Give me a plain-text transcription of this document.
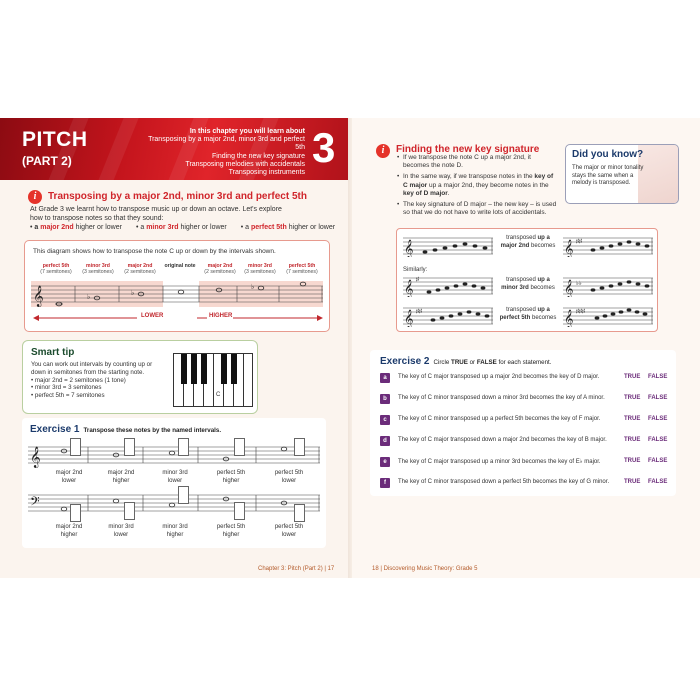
PITCH
(PART 2)
In this chapter you will learn about
Transposing by a major 2nd, minor 3rd and perfect 5th
Finding the new key signature
Transposing melodies with accidentals
Transposing instruments
3
i	Transposing by a major 2nd, minor 3rd and perfect 5th
At Grade 3 we learnt how to transpose music up or down an octave. Let's explore
how to transpose notes so that they sound:
• a major 2nd higher or lower	• a minor 3rd higher or lower	• a perfect 5th higher or lower
This diagram shows how to transpose the note C up or down by the intervals shown.
perfect 5th
(7 semitones)
minor 3rd
(3 semitones)
major 2nd
(2 semitones)
original note	major 2nd
(2 semitones)
minor 3rd
(3 semitones)
perfect 5th
(7 semitones)
𝄞	♭
♭
♭
LOWER	HIGHER
Smart tip
You can work out intervals by counting up or
down in semitones from the starting note.
• major 2nd = 2 semitones (1 tone)
• minor 3rd = 3 semitones
• perfect 5th = 7 semitones	C
Exercise 1 Transpose these notes by the named intervals.
𝄞
major 2nd
lower
major 2nd
higher
minor 3rd
lower
perfect 5th
higher
perfect 5th
lower
𝄢
major 2nd
higher
minor 3rd
lower
minor 3rd
higher
perfect 5th
higher
perfect 5th
lower
Chapter 3: Pitch (Part 2) | 17
i	Finding the new key signature

• If we transpose the note C up a major 2nd, it becomes the note D.

• In the same way, if we transpose notes in the key of C major up a major 2nd, they become notes in the key of D major.

• The key signature of D major – the new key – is used so that we do not have to write lots of accidentals.

Did you know?
The major or minor tonality stays the same when a melody is transposed.
𝄞
transposed up a
major 2nd becomes 𝄞 ♯♯
Similarly:
𝄞 ♯	transposed up a
minor 3rd becomes 𝄞 ♭♭
𝄞 ♯♯	transposed up a
perfect 5th becomes 𝄞 ♯♯♯
Exercise 2 Circle TRUE or FALSE for each statement.
a	The key of C major transposed up a major 2nd becomes the key of D major.	TRUE FALSE
b	The key of C minor transposed down a minor 3rd becomes the key of A minor.	TRUE FALSE
c	The key of C minor transposed up a perfect 5th becomes the key of F major.	TRUE FALSE
d	The key of C major transposed down a major 2nd becomes the key of B major.	TRUE FALSE
e	The key of C major transposed up a minor 3rd becomes the key of E♭ major.	TRUE FALSE
f	The key of C minor transposed down a perfect 5th becomes the key of G minor. TRUE FALSE
18 | Discovering Music Theory: Grade 5
